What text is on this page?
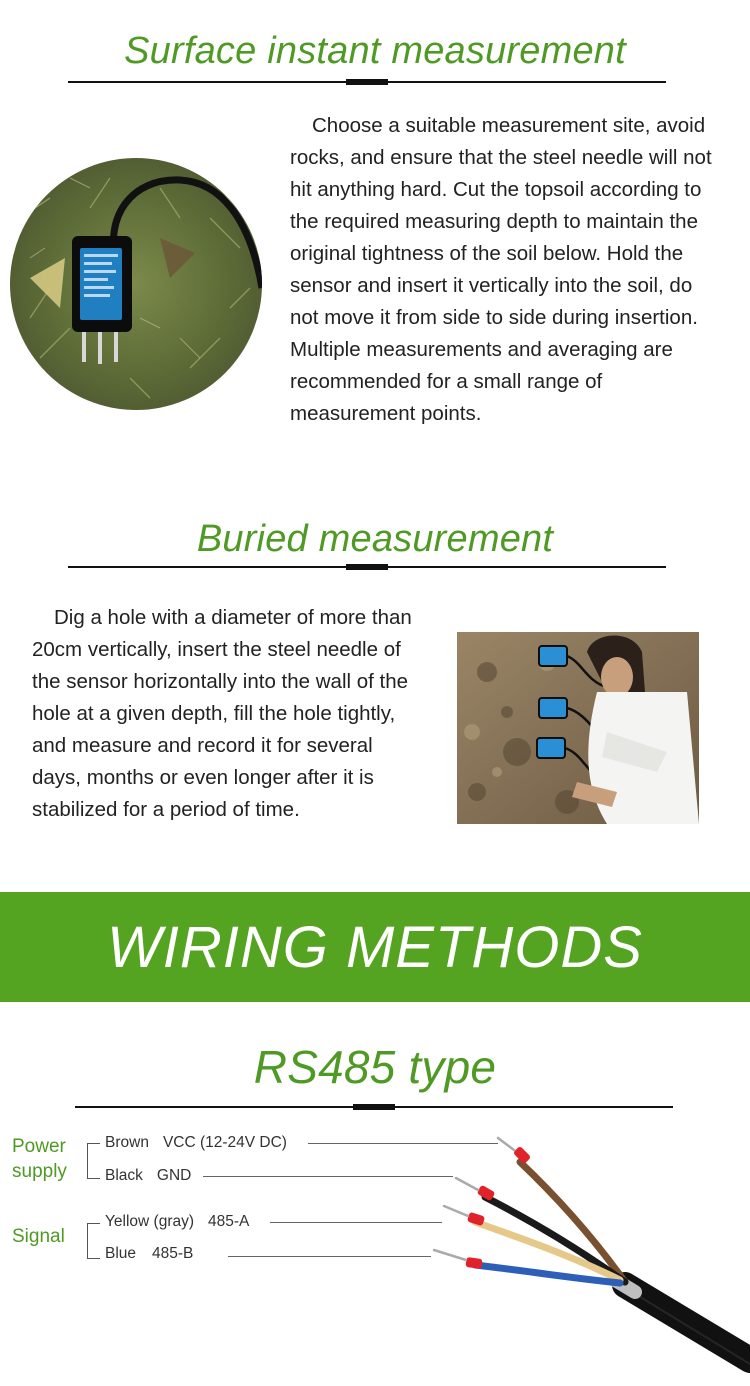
Surface instant measurement
Choose a suitable measurement site, avoid rocks, and ensure that the steel needle will not hit anything hard. Cut the topsoil according to the required measuring depth to maintain the original tightness of the soil below. Hold the sensor and insert it vertically into the soil, do not move it from side to side during insertion. Multiple measurements and averaging are recommended for a small range of measurement points.
Buried measurement
Dig a hole with a diameter of more than 20cm vertically, insert the steel needle of the sensor horizontally into the wall of the hole at a given depth, fill the hole tightly, and measure and record it for several days, months or even longer after it is stabilized for a period of time.
WIRING METHODS
RS485 type
Power supply
Signal
Brown VCC (12-24V DC)
Black GND
Yellow (gray) 485-A
Blue 485-B
